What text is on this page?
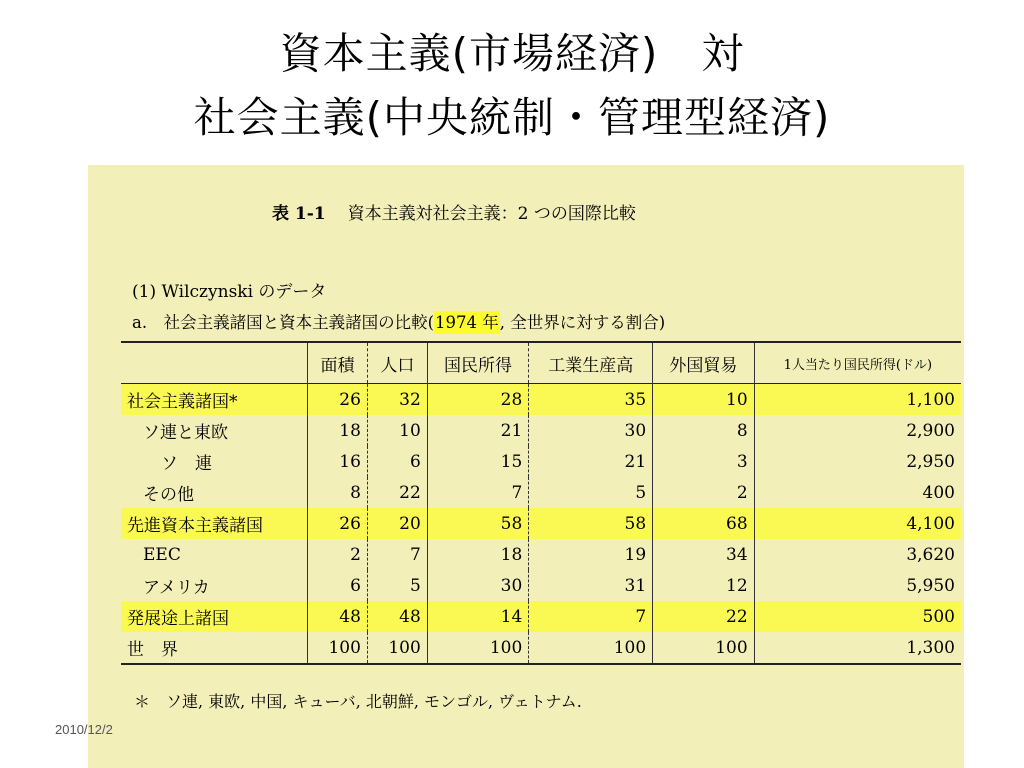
資本主義(市場経済)　対
社会主義(中央統制・管理型経済)
表 1-1 資本主義対社会主義：2 つの国際比較
(1) Wilczynski のデータ
a.　社会主義諸国と資本主義諸国の比較(1974 年, 全世界に対する割合)
	面積	人口	国民所得	工業生産高	外国貿易	1人当たり国民所得(ドル)
社会主義諸国*	26	32	28	35	10	1,100
ソ連と東欧	18	10	21	30	8	2,900
ソ　連	16	6	15	21	3	2,950
その他	8	22	7	5	2	400
先進資本主義諸国	26	20	58	58	68	4,100
EEC	2	7	18	19	34	3,620
アメリカ	6	5	30	31	12	5,950
発展途上諸国	48	48	14	7	22	500
世　界	100	100	100	100	100	1,300
＊　ソ連, 東欧, 中国, キューバ, 北朝鮮, モンゴル, ヴェトナム.
2010/12/2
